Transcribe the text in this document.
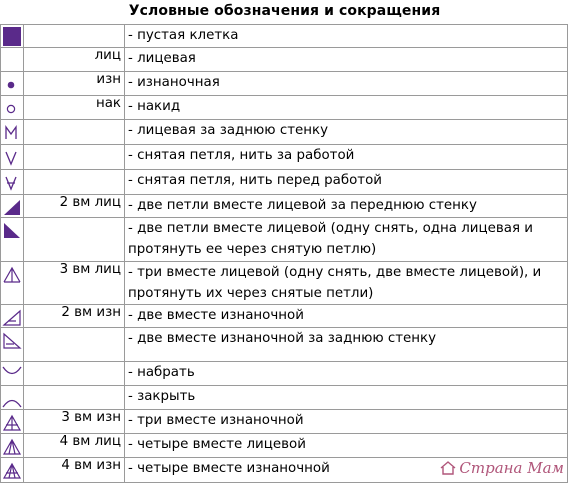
Условные обозначения и сокращения
		- пустая клетка

	лиц	- лицевая

	изн	- изнаночная

	нак	- накид

		- лицевая за заднюю стенку

		- снятая петля, нить за работой

		- снятая петля, нить перед работой

	2 вм лиц	- две петли вместе лицевой за переднюю стенку

		- две петли вместе лицевой (одну снять, одна лицевая и протянуть ее через снятую петлю)

	3 вм лиц	- три вместе лицевой (одну снять, две вместе лицевой), и протянуть их через снятые петли)

	2 вм изн	- две вместе изнаночной

		- две вместе изнаночной за заднюю стенку

		- набрать

		- закрыть

	3 вм изн	- три вместе изнаночной

	4 вм лиц	- четыре вместе лицевой

	4 вм изн	- четыре вместе изнаночной	Страна Мам
